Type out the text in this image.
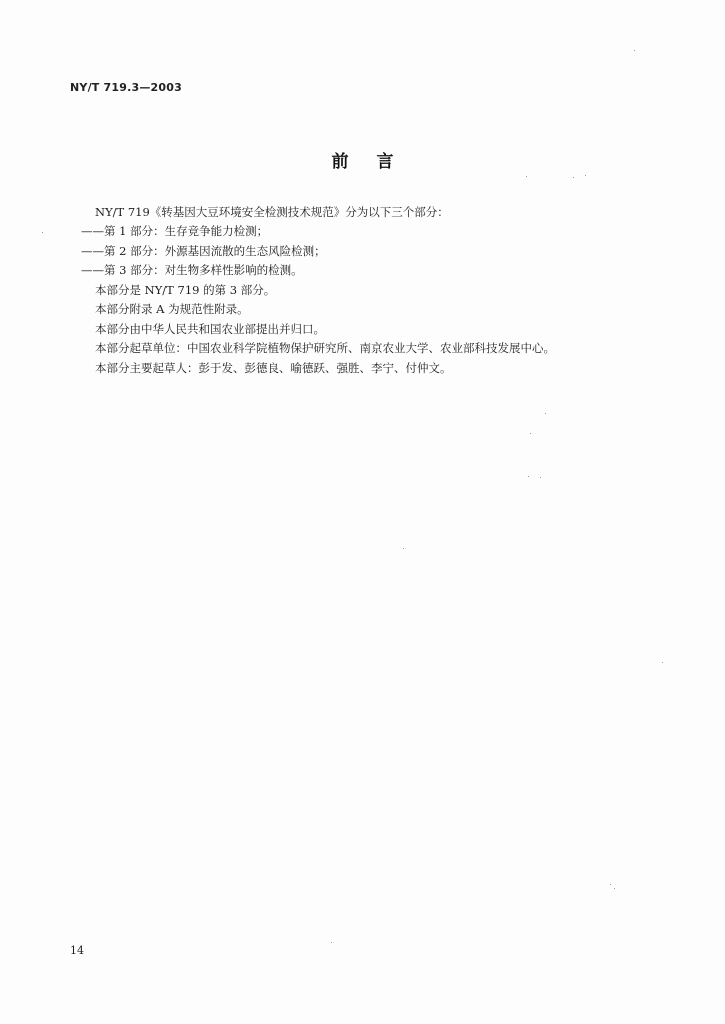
NY/T 719.3—2003
前言

NY/T 719《转基因大豆环境安全检测技术规范》分为以下三个部分：

——第 1 部分：生存竞争能力检测；

——第 2 部分：外源基因流散的生态风险检测；

——第 3 部分：对生物多样性影响的检测。

本部分是 NY/T 719 的第 3 部分。

本部分附录 A 为规范性附录。

本部分由中华人民共和国农业部提出并归口。

本部分起草单位：中国农业科学院植物保护研究所、南京农业大学、农业部科技发展中心。

本部分主要起草人：彭于发、彭德良、喻德跃、强胜、李宁、付仲文。

14
